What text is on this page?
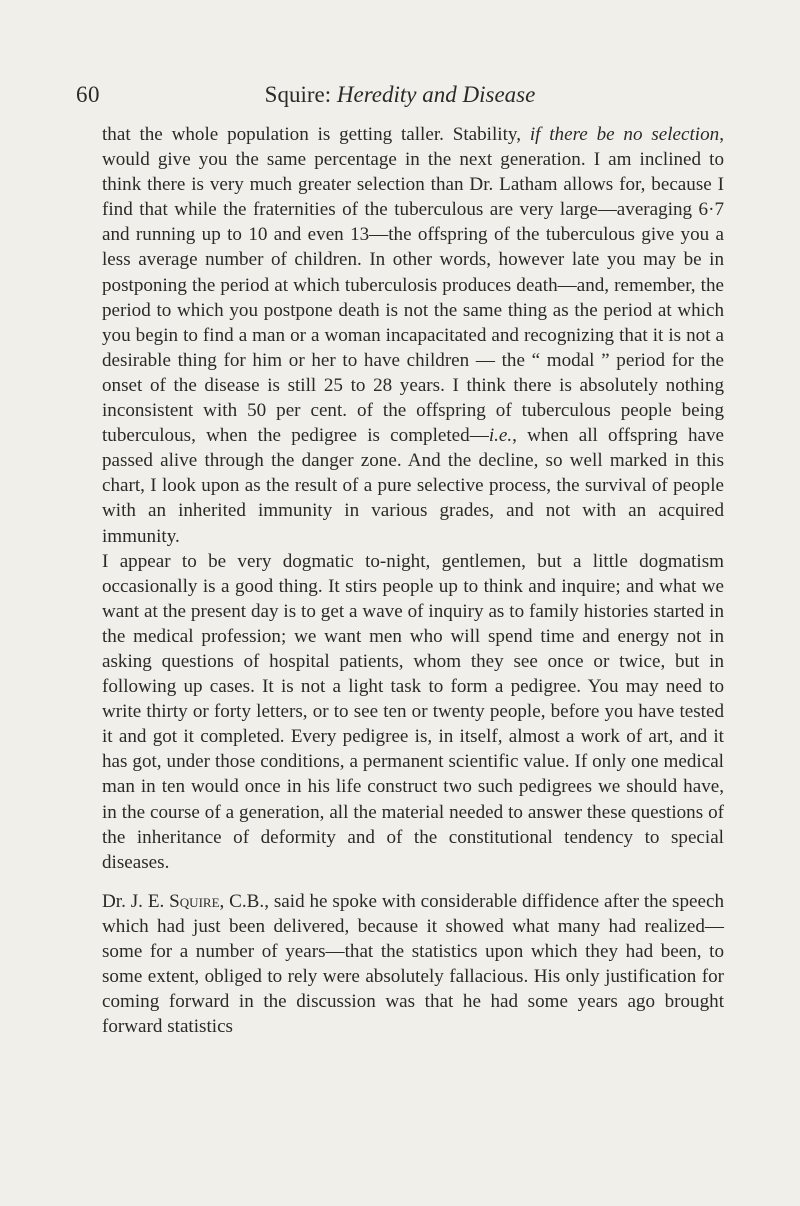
60	Squire: Heredity and Disease

that the whole population is getting taller. Stability, if there be no selection, would give you the same percentage in the next generation. I am inclined to think there is very much greater selection than Dr. Latham allows for, because I find that while the fraternities of the tuberculous are very large—averaging 6·7 and running up to 10 and even 13—the offspring of the tuberculous give you a less average number of children. In other words, however late you may be in postponing the period at which tuberculosis produces death—and, remember, the period to which you postpone death is not the same thing as the period at which you begin to find a man or a woman incapacitated and recognizing that it is not a desirable thing for him or her to have children — the “ modal ” period for the onset of the disease is still 25 to 28 years. I think there is absolutely nothing inconsistent with 50 per cent. of the offspring of tuberculous people being tuberculous, when the pedigree is completed—i.e., when all offspring have passed alive through the danger zone. And the decline, so well marked in this chart, I look upon as the result of a pure selective process, the survival of people with an inherited immunity in various grades, and not with an acquired immunity.

I appear to be very dogmatic to-night, gentlemen, but a little dogmatism occasionally is a good thing. It stirs people up to think and inquire; and what we want at the present day is to get a wave of inquiry as to family histories started in the medical profession; we want men who will spend time and energy not in asking questions of hospital patients, whom they see once or twice, but in following up cases. It is not a light task to form a pedigree. You may need to write thirty or forty letters, or to see ten or twenty people, before you have tested it and got it completed. Every pedigree is, in itself, almost a work of art, and it has got, under those conditions, a permanent scientific value. If only one medical man in ten would once in his life construct two such pedigrees we should have, in the course of a generation, all the material needed to answer these questions of the inheritance of deformity and of the constitutional tendency to special diseases.

Dr. J. E. Squire, C.B., said he spoke with considerable diffidence after the speech which had just been delivered, because it showed what many had realized—some for a number of years—that the statistics upon which they had been, to some extent, obliged to rely were absolutely fallacious. His only justification for coming forward in the discussion was that he had some years ago brought forward statistics
